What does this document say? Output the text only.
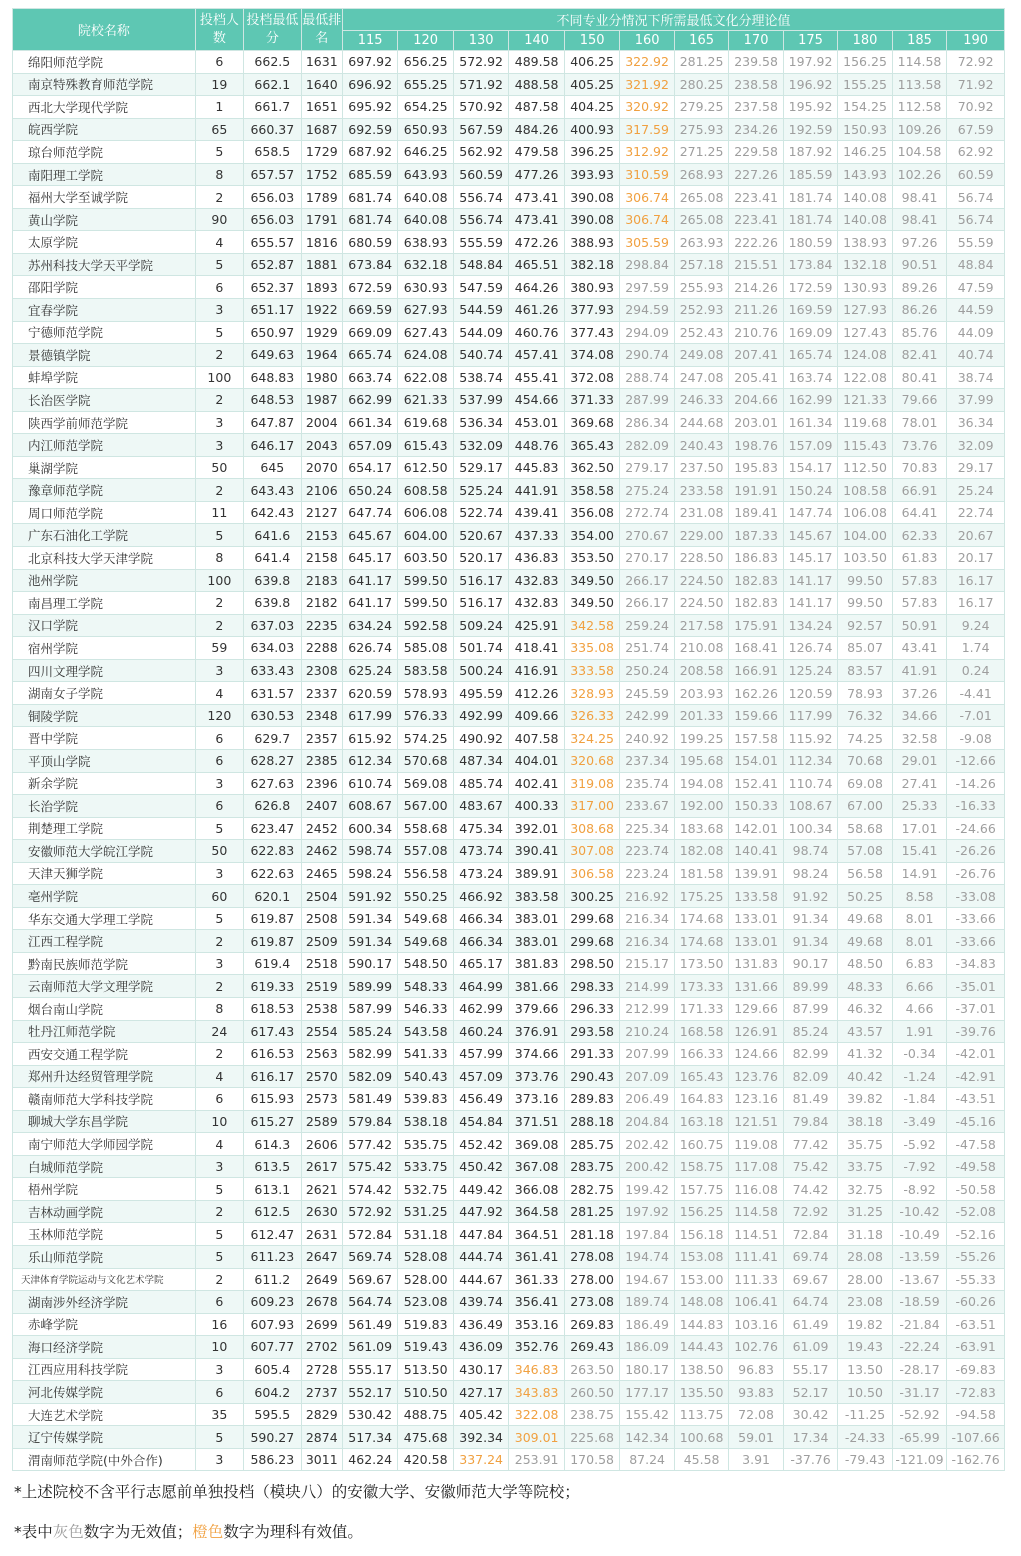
院校名称	投档人数	投档最低分	最低排名	不同专业分情况下所需最低文化分理论值											
				115	120	130	140	150	160	165	170	175	180	185	190
绵阳师范学院	6	662.5	1631	697.92	656.25	572.92	489.58	406.25	322.92	281.25	239.58	197.92	156.25	114.58	72.92
南京特殊教育师范学院	19	662.1	1640	696.92	655.25	571.92	488.58	405.25	321.92	280.25	238.58	196.92	155.25	113.58	71.92
西北大学现代学院	1	661.7	1651	695.92	654.25	570.92	487.58	404.25	320.92	279.25	237.58	195.92	154.25	112.58	70.92
皖西学院	65	660.37	1687	692.59	650.93	567.59	484.26	400.93	317.59	275.93	234.26	192.59	150.93	109.26	67.59
琼台师范学院	5	658.5	1729	687.92	646.25	562.92	479.58	396.25	312.92	271.25	229.58	187.92	146.25	104.58	62.92
南阳理工学院	8	657.57	1752	685.59	643.93	560.59	477.26	393.93	310.59	268.93	227.26	185.59	143.93	102.26	60.59
福州大学至诚学院	2	656.03	1789	681.74	640.08	556.74	473.41	390.08	306.74	265.08	223.41	181.74	140.08	98.41	56.74
黄山学院	90	656.03	1791	681.74	640.08	556.74	473.41	390.08	306.74	265.08	223.41	181.74	140.08	98.41	56.74
太原学院	4	655.57	1816	680.59	638.93	555.59	472.26	388.93	305.59	263.93	222.26	180.59	138.93	97.26	55.59
苏州科技大学天平学院	5	652.87	1881	673.84	632.18	548.84	465.51	382.18	298.84	257.18	215.51	173.84	132.18	90.51	48.84
邵阳学院	6	652.37	1893	672.59	630.93	547.59	464.26	380.93	297.59	255.93	214.26	172.59	130.93	89.26	47.59
宜春学院	3	651.17	1922	669.59	627.93	544.59	461.26	377.93	294.59	252.93	211.26	169.59	127.93	86.26	44.59
宁德师范学院	5	650.97	1929	669.09	627.43	544.09	460.76	377.43	294.09	252.43	210.76	169.09	127.43	85.76	44.09
景德镇学院	2	649.63	1964	665.74	624.08	540.74	457.41	374.08	290.74	249.08	207.41	165.74	124.08	82.41	40.74
蚌埠学院	100	648.83	1980	663.74	622.08	538.74	455.41	372.08	288.74	247.08	205.41	163.74	122.08	80.41	38.74
长治医学院	2	648.53	1987	662.99	621.33	537.99	454.66	371.33	287.99	246.33	204.66	162.99	121.33	79.66	37.99
陕西学前师范学院	3	647.87	2004	661.34	619.68	536.34	453.01	369.68	286.34	244.68	203.01	161.34	119.68	78.01	36.34
内江师范学院	3	646.17	2043	657.09	615.43	532.09	448.76	365.43	282.09	240.43	198.76	157.09	115.43	73.76	32.09
巢湖学院	50	645	2070	654.17	612.50	529.17	445.83	362.50	279.17	237.50	195.83	154.17	112.50	70.83	29.17
豫章师范学院	2	643.43	2106	650.24	608.58	525.24	441.91	358.58	275.24	233.58	191.91	150.24	108.58	66.91	25.24
周口师范学院	11	642.43	2127	647.74	606.08	522.74	439.41	356.08	272.74	231.08	189.41	147.74	106.08	64.41	22.74
广东石油化工学院	5	641.6	2153	645.67	604.00	520.67	437.33	354.00	270.67	229.00	187.33	145.67	104.00	62.33	20.67
北京科技大学天津学院	8	641.4	2158	645.17	603.50	520.17	436.83	353.50	270.17	228.50	186.83	145.17	103.50	61.83	20.17
池州学院	100	639.8	2183	641.17	599.50	516.17	432.83	349.50	266.17	224.50	182.83	141.17	99.50	57.83	16.17
南昌理工学院	2	639.8	2182	641.17	599.50	516.17	432.83	349.50	266.17	224.50	182.83	141.17	99.50	57.83	16.17
汉口学院	2	637.03	2235	634.24	592.58	509.24	425.91	342.58	259.24	217.58	175.91	134.24	92.57	50.91	9.24
宿州学院	59	634.03	2288	626.74	585.08	501.74	418.41	335.08	251.74	210.08	168.41	126.74	85.07	43.41	1.74
四川文理学院	3	633.43	2308	625.24	583.58	500.24	416.91	333.58	250.24	208.58	166.91	125.24	83.57	41.91	0.24
湖南女子学院	4	631.57	2337	620.59	578.93	495.59	412.26	328.93	245.59	203.93	162.26	120.59	78.93	37.26	-4.41
铜陵学院	120	630.53	2348	617.99	576.33	492.99	409.66	326.33	242.99	201.33	159.66	117.99	76.32	34.66	-7.01
晋中学院	6	629.7	2357	615.92	574.25	490.92	407.58	324.25	240.92	199.25	157.58	115.92	74.25	32.58	-9.08
平顶山学院	6	628.27	2385	612.34	570.68	487.34	404.01	320.68	237.34	195.68	154.01	112.34	70.68	29.01	-12.66
新余学院	3	627.63	2396	610.74	569.08	485.74	402.41	319.08	235.74	194.08	152.41	110.74	69.08	27.41	-14.26
长治学院	6	626.8	2407	608.67	567.00	483.67	400.33	317.00	233.67	192.00	150.33	108.67	67.00	25.33	-16.33
荆楚理工学院	5	623.47	2452	600.34	558.68	475.34	392.01	308.68	225.34	183.68	142.01	100.34	58.68	17.01	-24.66
安徽师范大学皖江学院	50	622.83	2462	598.74	557.08	473.74	390.41	307.08	223.74	182.08	140.41	98.74	57.08	15.41	-26.26
天津天狮学院	3	622.63	2465	598.24	556.58	473.24	389.91	306.58	223.24	181.58	139.91	98.24	56.58	14.91	-26.76
亳州学院	60	620.1	2504	591.92	550.25	466.92	383.58	300.25	216.92	175.25	133.58	91.92	50.25	8.58	-33.08
华东交通大学理工学院	5	619.87	2508	591.34	549.68	466.34	383.01	299.68	216.34	174.68	133.01	91.34	49.68	8.01	-33.66
江西工程学院	2	619.87	2509	591.34	549.68	466.34	383.01	299.68	216.34	174.68	133.01	91.34	49.68	8.01	-33.66
黔南民族师范学院	3	619.4	2518	590.17	548.50	465.17	381.83	298.50	215.17	173.50	131.83	90.17	48.50	6.83	-34.83
云南师范大学文理学院	2	619.33	2519	589.99	548.33	464.99	381.66	298.33	214.99	173.33	131.66	89.99	48.33	6.66	-35.01
烟台南山学院	8	618.53	2538	587.99	546.33	462.99	379.66	296.33	212.99	171.33	129.66	87.99	46.32	4.66	-37.01
牡丹江师范学院	24	617.43	2554	585.24	543.58	460.24	376.91	293.58	210.24	168.58	126.91	85.24	43.57	1.91	-39.76
西安交通工程学院	2	616.53	2563	582.99	541.33	457.99	374.66	291.33	207.99	166.33	124.66	82.99	41.32	-0.34	-42.01
郑州升达经贸管理学院	4	616.17	2570	582.09	540.43	457.09	373.76	290.43	207.09	165.43	123.76	82.09	40.42	-1.24	-42.91
赣南师范大学科技学院	6	615.93	2573	581.49	539.83	456.49	373.16	289.83	206.49	164.83	123.16	81.49	39.82	-1.84	-43.51
聊城大学东昌学院	10	615.27	2589	579.84	538.18	454.84	371.51	288.18	204.84	163.18	121.51	79.84	38.18	-3.49	-45.16
南宁师范大学师园学院	4	614.3	2606	577.42	535.75	452.42	369.08	285.75	202.42	160.75	119.08	77.42	35.75	-5.92	-47.58
白城师范学院	3	613.5	2617	575.42	533.75	450.42	367.08	283.75	200.42	158.75	117.08	75.42	33.75	-7.92	-49.58
梧州学院	5	613.1	2621	574.42	532.75	449.42	366.08	282.75	199.42	157.75	116.08	74.42	32.75	-8.92	-50.58
吉林动画学院	2	612.5	2630	572.92	531.25	447.92	364.58	281.25	197.92	156.25	114.58	72.92	31.25	-10.42	-52.08
玉林师范学院	5	612.47	2631	572.84	531.18	447.84	364.51	281.18	197.84	156.18	114.51	72.84	31.18	-10.49	-52.16
乐山师范学院	5	611.23	2647	569.74	528.08	444.74	361.41	278.08	194.74	153.08	111.41	69.74	28.08	-13.59	-55.26
天津体育学院运动与文化艺术学院	2	611.2	2649	569.67	528.00	444.67	361.33	278.00	194.67	153.00	111.33	69.67	28.00	-13.67	-55.33
湖南涉外经济学院	6	609.23	2678	564.74	523.08	439.74	356.41	273.08	189.74	148.08	106.41	64.74	23.08	-18.59	-60.26
赤峰学院	16	607.93	2699	561.49	519.83	436.49	353.16	269.83	186.49	144.83	103.16	61.49	19.82	-21.84	-63.51
海口经济学院	10	607.77	2702	561.09	519.43	436.09	352.76	269.43	186.09	144.43	102.76	61.09	19.43	-22.24	-63.91
江西应用科技学院	3	605.4	2728	555.17	513.50	430.17	346.83	263.50	180.17	138.50	96.83	55.17	13.50	-28.17	-69.83
河北传媒学院	6	604.2	2737	552.17	510.50	427.17	343.83	260.50	177.17	135.50	93.83	52.17	10.50	-31.17	-72.83
大连艺术学院	35	595.5	2829	530.42	488.75	405.42	322.08	238.75	155.42	113.75	72.08	30.42	-11.25	-52.92	-94.58
辽宁传媒学院	5	590.27	2874	517.34	475.68	392.34	309.01	225.68	142.34	100.68	59.01	17.34	-24.33	-65.99	-107.66
渭南师范学院(中外合作)	3	586.23	3011	462.24	420.58	337.24	253.91	170.58	87.24	45.58	3.91	-37.76	-79.43	-121.09	-162.76
*上述院校不含平行志愿前单独投档（模块八）的安徽大学、安徽师范大学等院校；
*表中灰色数字为无效值；橙色数字为理科有效值。
